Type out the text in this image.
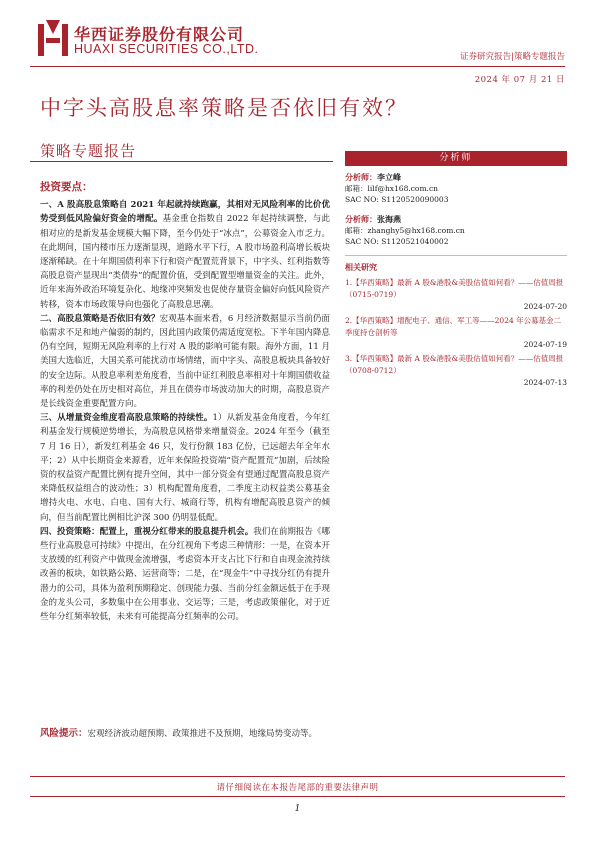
华西证券股份有限公司
HUAXI SECURITIES CO.,LTD.
证券研究报告|策略专题报告
2024 年 07 月 21 日
中字头高股息率策略是否依旧有效？
策略专题报告
投资要点：

一、A 股高股息策略自 2021 年起就持续跑赢，其相对无风险利率的比价优势受到低风险偏好资金的增配。基金重仓指数自 2022 年起持续调整，与此相对应的是新发基金规模大幅下降，至今仍处于“冰点”，公募资金入市乏力。在此期间，国内楼市压力逐渐显现，道路水平下行，A 股市场盈利高增长板块逐渐稀缺。在十年期国债利率下行和资产配置荒背景下，中字头、红利指数等高股息资产显现出“类债券”的配置价值，受到配置型增量资金的关注。此外，近年来海外政治环境复杂化、地缘冲突频发也促使存量资金偏好向低风险资产转移，资本市场政策导向也强化了高股息思潮。

二、高股息策略是否依旧有效？宏观基本面来看，6 月经济数据显示当前仍面临需求不足和地产偏弱的制约，因此国内政策仍需适度宽松。下半年国内降息仍有空间，短期无风险利率的上行对 A 股的影响可能有限。海外方面，11 月美国大选临近，大国关系可能扰动市场情绪，而中字头、高股息板块具备较好的安全边际。从股息率利差角度看，当前中证红利股息率相对十年期国债收益率的利差仍处在历史相对高位，并且在债券市场波动加大的时期，高股息资产是长线资金重要配置方向。

三、从增量资金维度看高股息策略的持续性。1）从新发基金角度看，今年红利基金发行规模逆势增长，为高股息风格带来增量资金。2024 年至今（截至 7 月 16 日），新发红利基金 46 只，发行份额 183 亿份，已远超去年全年水平；2）从中长期资金来源看，近年来保险投资端“资产配置荒”加剧，后续险资的权益资产配置比例有提升空间，其中一部分资金有望通过配置高股息资产来降低权益组合的波动性；3）机构配置角度看，二季度主动权益类公募基金增持火电、水电、白电、国有大行、城商行等，机构有增配高股息资产的倾向，但当前配置比例相比沪深 300 仍明显低配。

四、投资策略：配置上，重视分红带来的股息提升机会。我们在前期报告《哪些行业高股息可持续》中提出，在分红视角下考虑三种情形：一是，在资本开支放缓的红利资产中做现金流增强，考虑资本开支占比下行和自由现金流持续改善的板块，如铁路公路、运营商等；二是，在“现金牛”中寻找分红仍有提升潜力的公司，具体为盈利预期稳定、创现能力强、当前分红金额远低于在手现金的龙头公司，多数集中在公用事业、交运等；三是，考虑政策催化，对于近些年分红频率较低，未来有可能提高分红频率的公司。

风险提示：宏观经济波动超预期、政策推进不及预期，地缘局势变动等。
分析师
分析师：李立峰
邮箱：lilf@hx168.com.cn
SAC NO: S1120520090003
分析师：张海燕
邮箱：zhanghy5@hx168.com.cn
SAC NO: S1120521040002
相关研究
1.【华西策略】最新 A 股&港股&美股估值如何看？——估值周报（0715-0719）
2024-07-20
2.【华西策略】增配电子、通信、军工等——2024 年公募基金二季度持仓剖析等
2024-07-19
3.【华西策略】最新 A 股&港股&美股估值如何看？——估值周报（0708-0712）
2024-07-13
请仔细阅读在本报告尾部的重要法律声明
1
